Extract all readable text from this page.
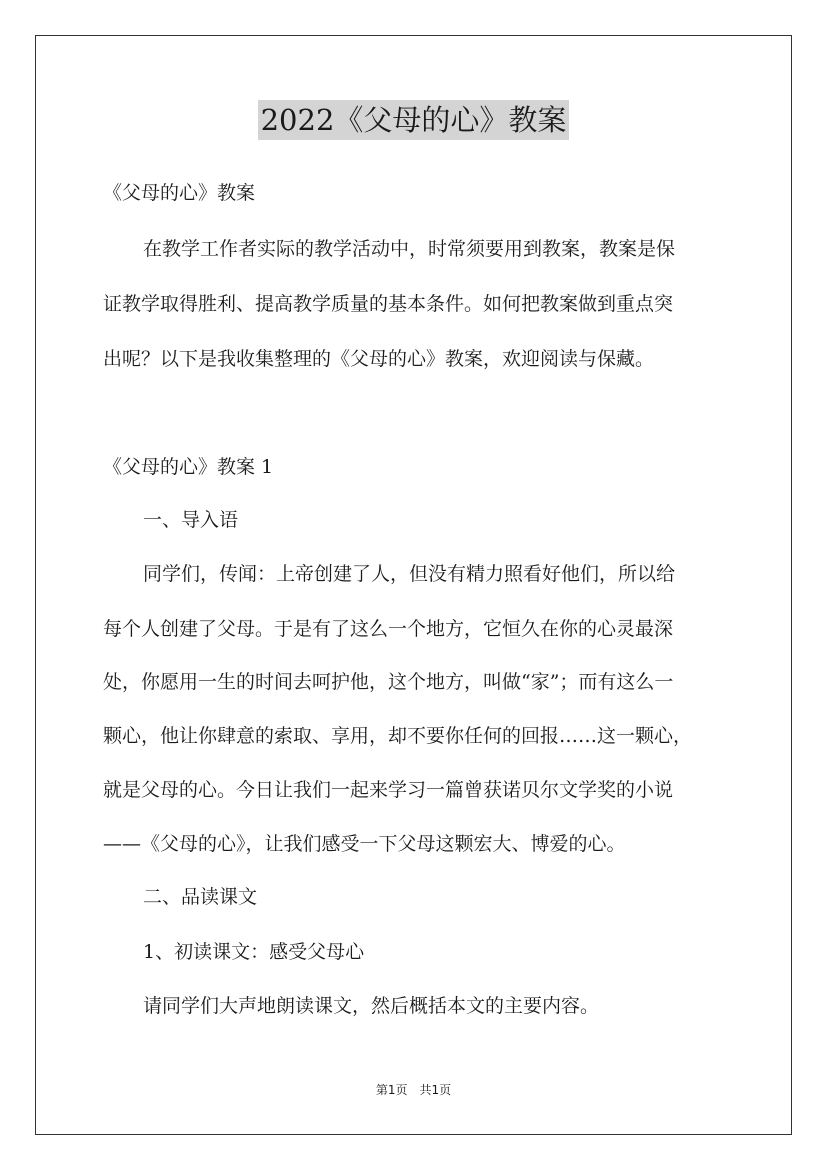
2022《父母的心》教案
《父母的心》教案
在教学工作者实际的教学活动中，时常须要用到教案，教案是保
证教学取得胜利、提高教学质量的基本条件。如何把教案做到重点突
出呢？以下是我收集整理的《父母的心》教案，欢迎阅读与保藏。
《父母的心》教案 1
一、导入语
同学们，传闻：上帝创建了人，但没有精力照看好他们，所以给
每个人创建了父母。于是有了这么一个地方，它恒久在你的心灵最深
处，你愿用一生的时间去呵护他，这个地方，叫做“家”；而有这么一
颗心，他让你肆意的索取、享用，却不要你任何的回报……这一颗心，
就是父母的心。今日让我们一起来学习一篇曾获诺贝尔文学奖的小说
——《父母的心》，让我们感受一下父母这颗宏大、博爱的心。
二、品读课文
1、初读课文：感受父母心
请同学们大声地朗读课文，然后概括本文的主要内容。
第1页　共1页
